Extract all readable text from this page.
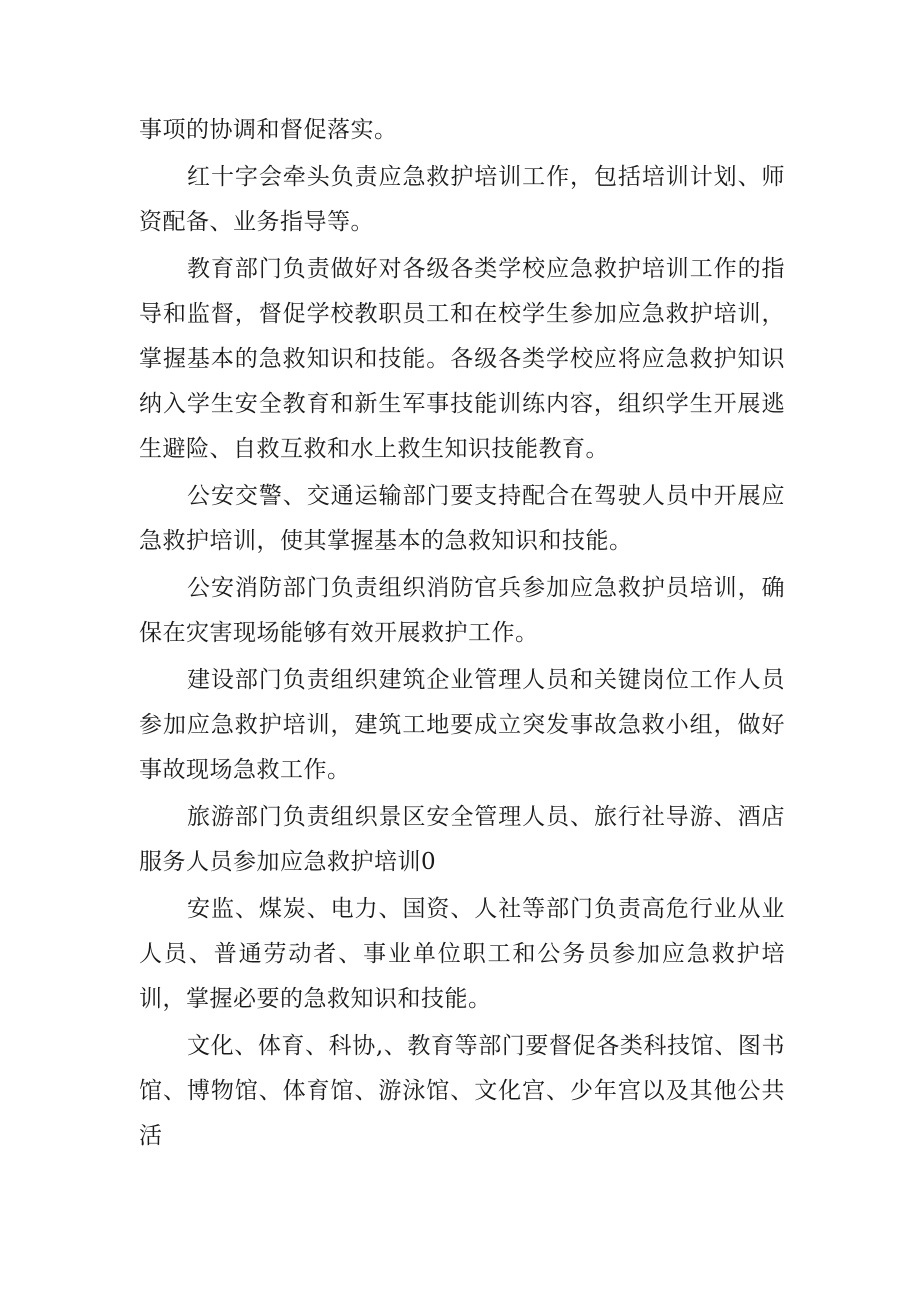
事项的协调和督促落实。

红十字会牵头负责应急救护培训工作，包括培训计划、师资配备、业务指导等。

教育部门负责做好对各级各类学校应急救护培训工作的指导和监督，督促学校教职员工和在校学生参加应急救护培训，掌握基本的急救知识和技能。各级各类学校应将应急救护知识纳入学生安全教育和新生军事技能训练内容，组织学生开展逃生避险、自救互救和水上救生知识技能教育。

公安交警、交通运输部门要支持配合在驾驶人员中开展应急救护培训，使其掌握基本的急救知识和技能。

公安消防部门负责组织消防官兵参加应急救护员培训，确保在灾害现场能够有效开展救护工作。

建设部门负责组织建筑企业管理人员和关键岗位工作人员参加应急救护培训，建筑工地要成立突发事故急救小组，做好事故现场急救工作。

旅游部门负责组织景区安全管理人员、旅行社导游、酒店服务人员参加应急救护培训0

安监、煤炭、电力、国资、人社等部门负责高危行业从业人员、普通劳动者、事业单位职工和公务员参加应急救护培训，掌握必要的急救知识和技能。

文化、体育、科协,、教育等部门要督促各类科技馆、图书馆、博物馆、体育馆、游泳馆、文化宫、少年宫以及其他公共活
